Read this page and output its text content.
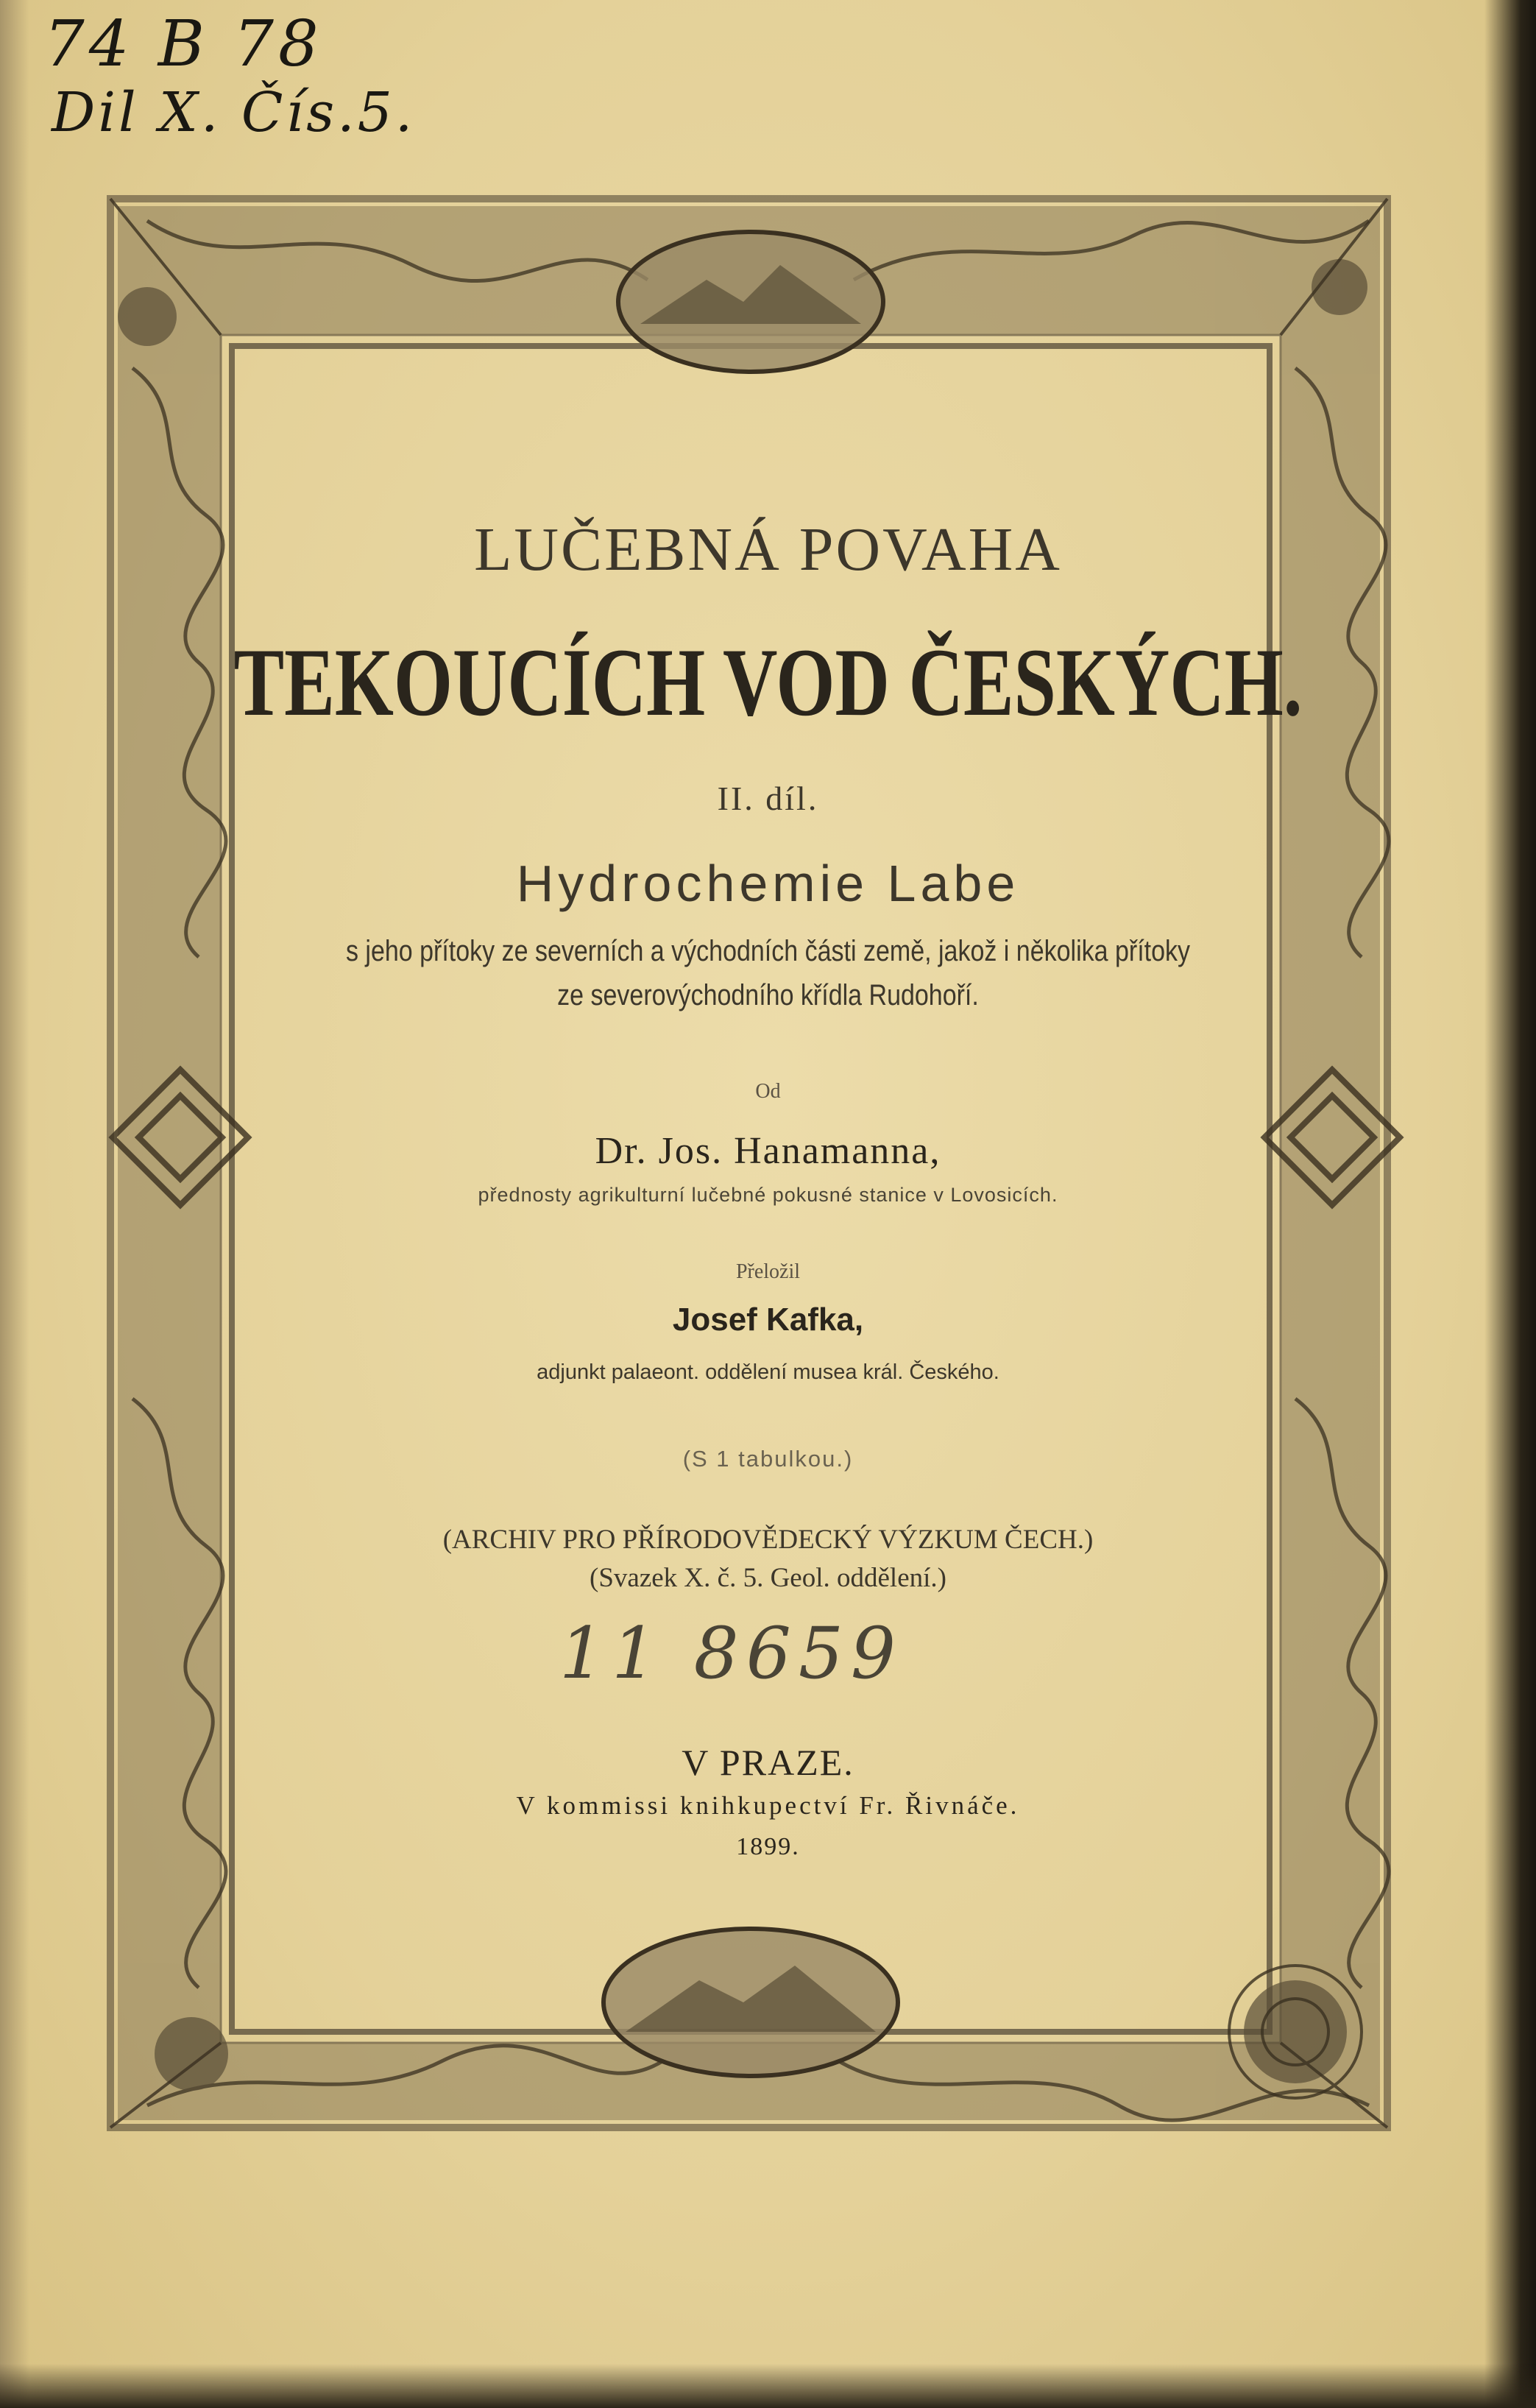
74 B 78
Dil X. Čís.5.
LUČEBNÁ POVAHA
TEKOUCÍCH VOD ČESKÝCH.
II. díl.
Hydrochemie Labe
s jeho přítoky ze severních a východních části země, jakož i několika přítoky
ze severovýchodního křídla Rudohoří.
Od
Dr. Jos. Hanamanna,
přednosty agrikulturní lučebné pokusné stanice v Lovosicích.
Přeložil
Josef Kafka,
adjunkt palaeont. oddělení musea král. Českého.
(S 1 tabulkou.)
(ARCHIV PRO PŘÍRODOVĚDECKÝ VÝZKUM ČECH.)
(Svazek X. č. 5. Geol. oddělení.)
11 8659
V PRAZE.
V kommissi knihkupectví Fr. Řivnáče.
1899.
